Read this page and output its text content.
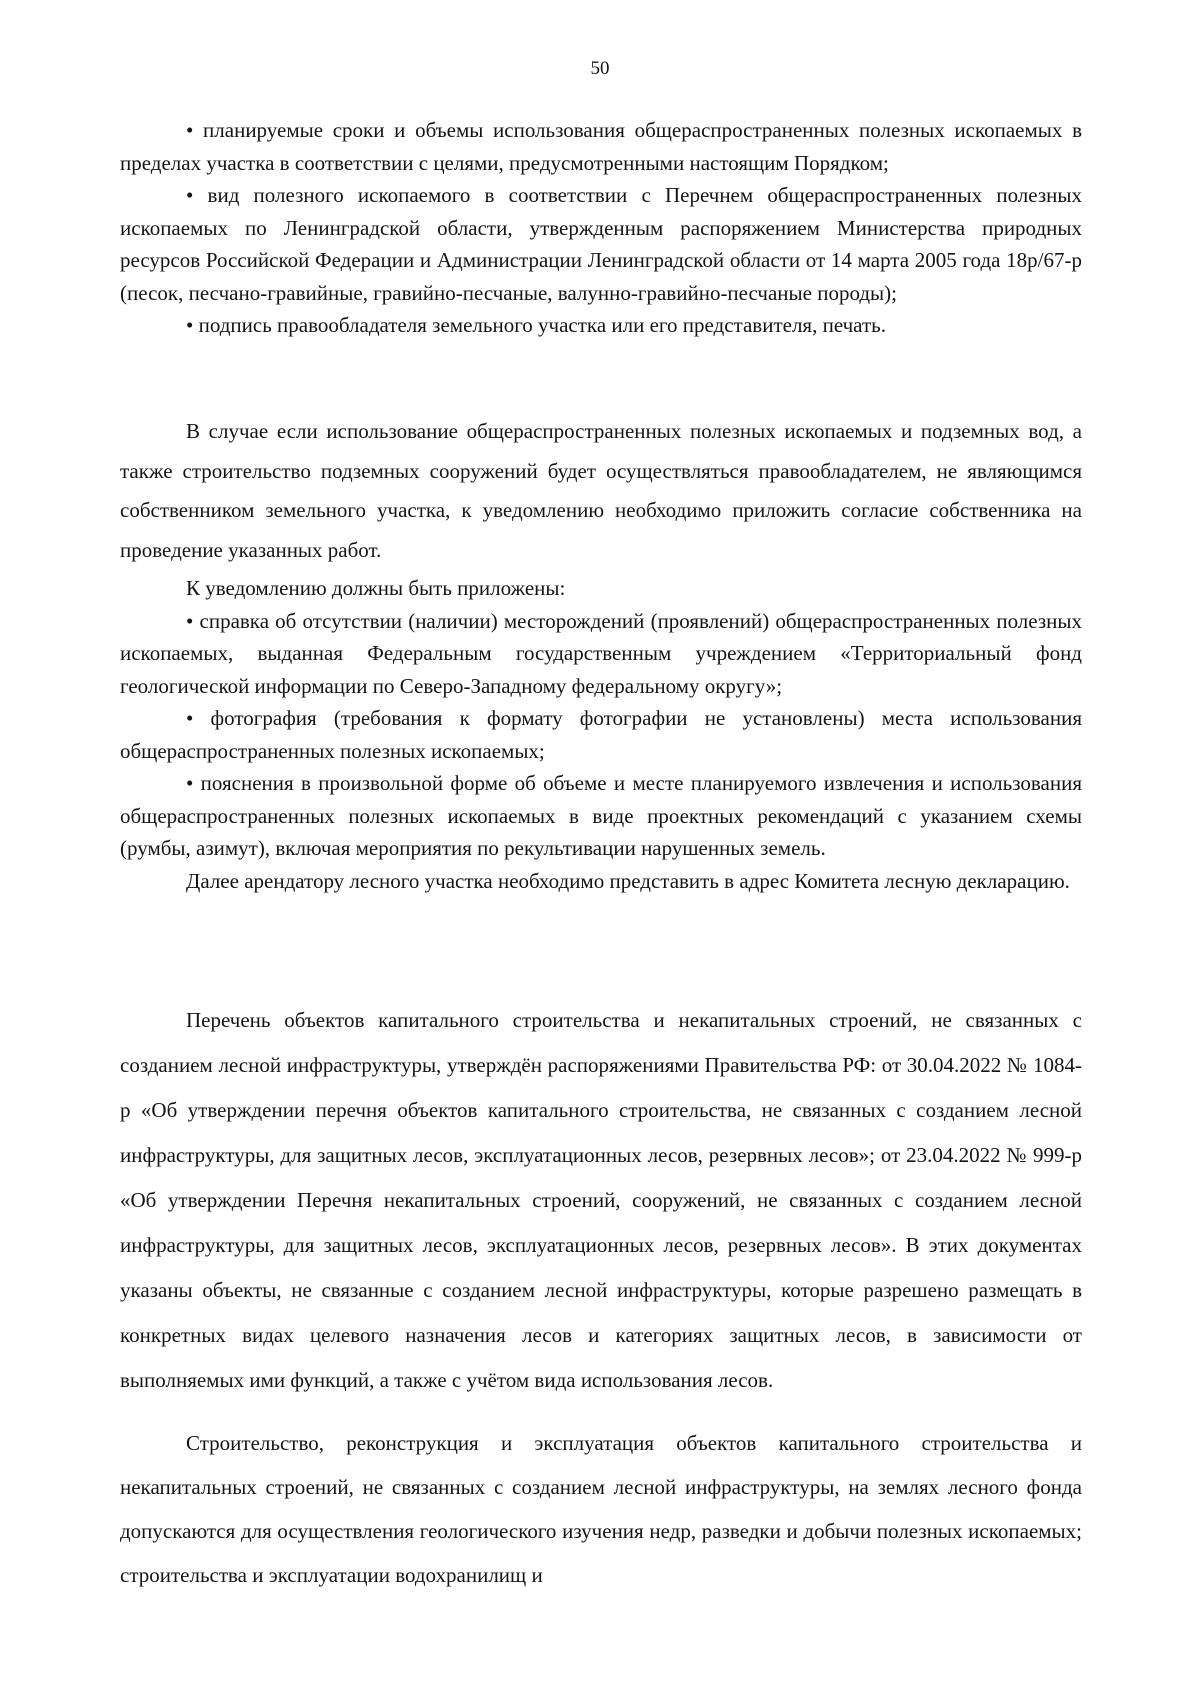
50

• планируемые сроки и объемы использования общераспространенных полезных ископаемых в пределах участка в соответствии с целями, предусмотренными настоящим Порядком;

• вид полезного ископаемого в соответствии с Перечнем общераспространенных полезных ископаемых по Ленинградской области, утвержденным распоряжением Министерства природных ресурсов Российской Федерации и Администрации Ленинградской области от 14 марта 2005 года 18р/67-р (песок, песчано-гравийные, гравийно-песчаные, валунно-гравийно-песчаные породы);

• подпись правообладателя земельного участка или его представителя, печать.

В случае если использование общераспространенных полезных ископаемых и подземных вод, а также строительство подземных сооружений будет осуществляться правообладателем, не являющимся собственником земельного участка, к уведомлению необходимо приложить согласие собственника на проведение указанных работ.

К уведомлению должны быть приложены:

• справка об отсутствии (наличии) месторождений (проявлений) общераспространенных полезных ископаемых, выданная Федеральным государственным учреждением «Территориальный фонд геологической информации по Северо-Западному федеральному округу»;

• фотография (требования к формату фотографии не установлены) места использования общераспространенных полезных ископаемых;

• пояснения в произвольной форме об объеме и месте планируемого извлечения и использования общераспространенных полезных ископаемых в виде проектных рекомендаций с указанием схемы (румбы, азимут), включая мероприятия по рекультивации нарушенных земель.

Далее арендатору лесного участка необходимо представить в адрес Комитета лесную декларацию.

Перечень объектов капитального строительства и некапитальных строений, не связанных с созданием лесной инфраструктуры, утверждён распоряжениями Правительства РФ: от 30.04.2022 № 1084-р «Об утверждении перечня объектов капитального строительства, не связанных с созданием лесной инфраструктуры, для защитных лесов, эксплуатационных лесов, резервных лесов»; от 23.04.2022 № 999-р «Об утверждении Перечня некапитальных строений, сооружений, не связанных с созданием лесной инфраструктуры, для защитных лесов, эксплуатационных лесов, резервных лесов». В этих документах указаны объекты, не связанные с созданием лесной инфраструктуры, которые разрешено размещать в конкретных видах целевого назначения лесов и категориях защитных лесов, в зависимости от выполняемых ими функций, а также с учётом вида использования лесов.

Строительство, реконструкция и эксплуатация объектов капитального строительства и некапитальных строений, не связанных с созданием лесной инфраструктуры, на землях лесного фонда допускаются для осуществления геологического изучения недр, разведки и добычи полезных ископаемых; строительства и эксплуатации водохранилищ и
